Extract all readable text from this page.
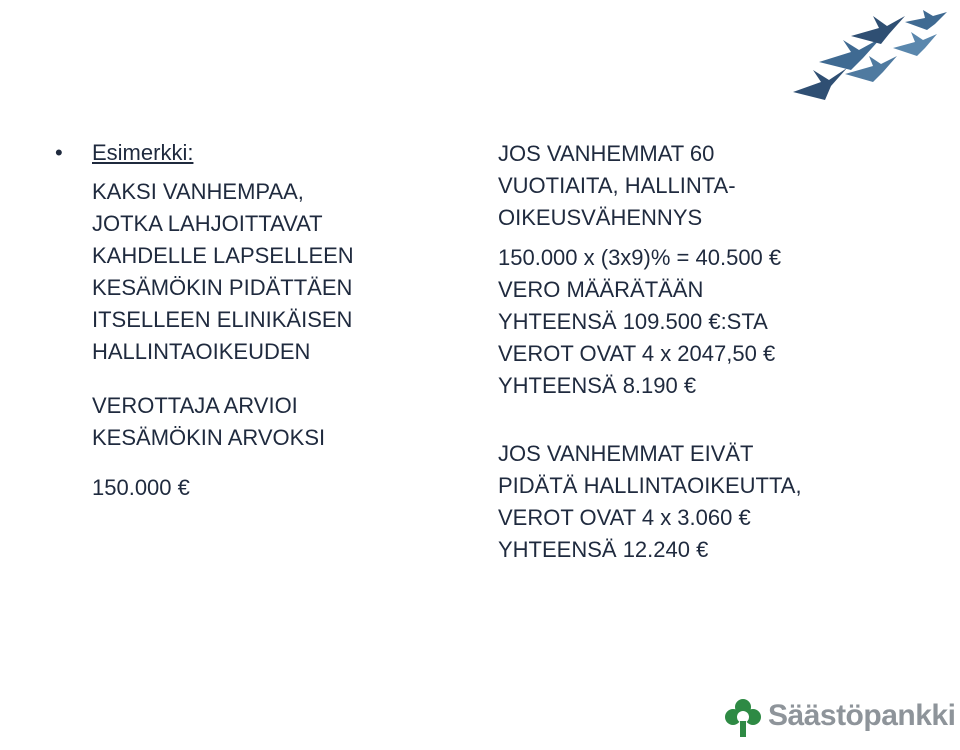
• Esimerkki:
KAKSI VANHEMPAA,
JOTKA LAHJOITTAVAT
KAHDELLE LAPSELLEEN
KESÄMÖKIN PIDÄTTÄEN
ITSELLEEN ELINIKÄISEN
HALLINTAOIKEUDEN
VEROTTAJA ARVIOI
KESÄMÖKIN ARVOKSI
150.000 €
JOS VANHEMMAT 60
VUOTIAITA, HALLINTA-
OIKEUSVÄHENNYS
150.000 x (3x9)% = 40.500 €
VERO MÄÄRÄTÄÄN
YHTEENSÄ 109.500 €:STA
VEROT OVAT 4 x 2047,50 €
YHTEENSÄ 8.190 €
JOS VANHEMMAT EIVÄT
PIDÄTÄ HALLINTAOIKEUTTA,
VEROT OVAT 4 x 3.060 €
YHTEENSÄ 12.240 €
Säästöpankki
